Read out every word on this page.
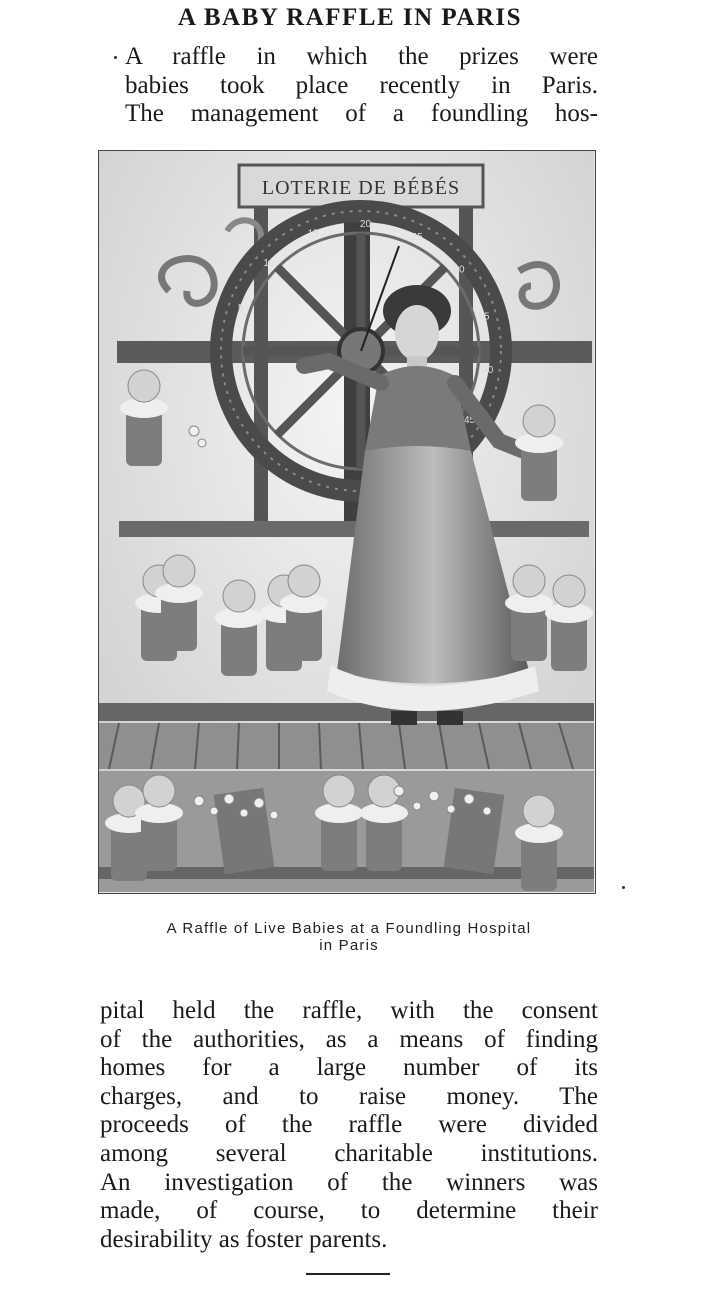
A BABY RAFFLE IN PARIS
A raffle in which the prizes were
babies took place recently in Paris.
The management of a foundling hos-
LOTERIE DE BÉBÉS
5
10
15
20
25
30
35
40
45
A Raffle of Live Babies at a Foundling Hospital
in Paris
pital held the raffle, with the consent
of the authorities, as a means of finding
homes for a large number of its
charges, and to raise money. The
proceeds of the raffle were divided
among several charitable institutions.
An investigation of the winners was
made, of course, to determine their
desirability as foster parents.
